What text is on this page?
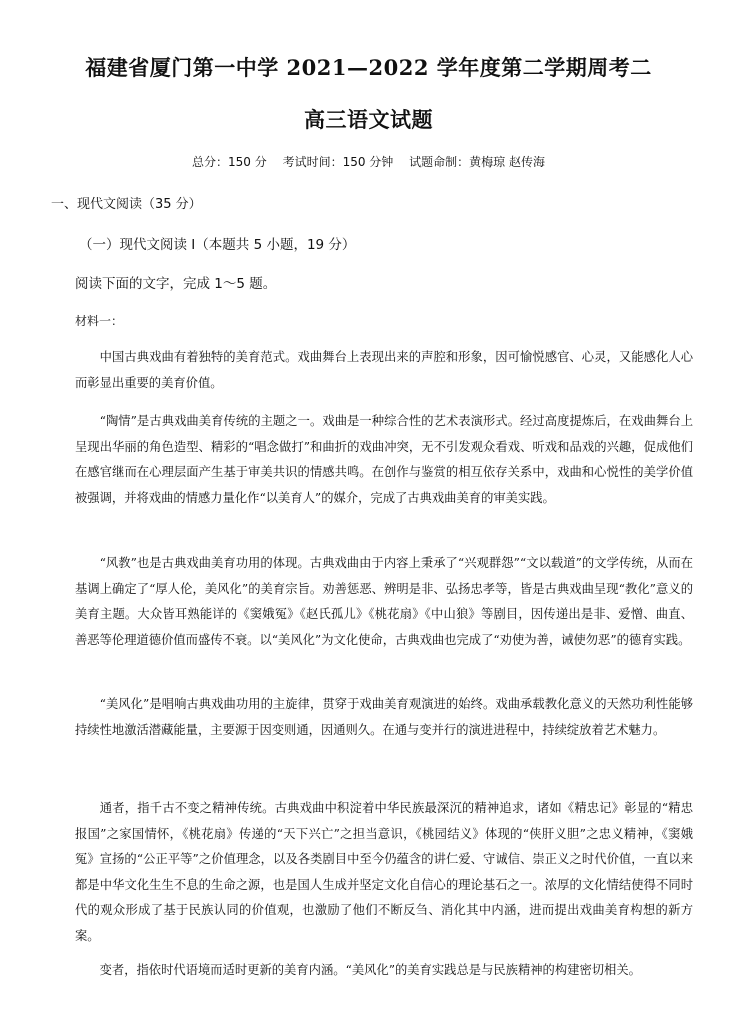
福建省厦门第一中学 2021—2022 学年度第二学期周考二
高三语文试题
总分：150 分 考试时间：150 分钟 试题命制：黄梅琼 赵传海
一、现代文阅读（35 分）
（一）现代文阅读 I（本题共 5 小题，19 分）
阅读下面的文字，完成 1～5 题。
材料一：
中国古典戏曲有着独特的美育范式。戏曲舞台上表现出来的声腔和形象，因可愉悦感官、心灵，又能感化人心而彰显出重要的美育价值。
“陶情”是古典戏曲美育传统的主题之一。戏曲是一种综合性的艺术表演形式。经过高度提炼后，在戏曲舞台上呈现出华丽的角色造型、精彩的“唱念做打”和曲折的戏曲冲突，无不引发观众看戏、听戏和品戏的兴趣，促成他们在感官继而在心理层面产生基于审美共识的情感共鸣。在创作与鉴赏的相互依存关系中，戏曲和心悦性的美学价值被强调，并将戏曲的情感力量化作“以美育人”的媒介，完成了古典戏曲美育的审美实践。
“风教”也是古典戏曲美育功用的体现。古典戏曲由于内容上秉承了“兴观群怨”“文以载道”的文学传统，从而在基调上确定了“厚人伦，美风化”的美育宗旨。劝善惩恶、辨明是非、弘扬忠孝等，皆是古典戏曲呈现“教化”意义的美育主题。大众皆耳熟能详的《窦娥冤》《赵氏孤儿》《桃花扇》《中山狼》等剧目，因传递出是非、爱憎、曲直、善恶等伦理道德价值而盛传不衰。以“美风化”为文化使命，古典戏曲也完成了“劝使为善，诫使勿恶”的德育实践。
“美风化”是唱响古典戏曲功用的主旋律，贯穿于戏曲美育观演进的始终。戏曲承载教化意义的天然功利性能够持续性地激活潜藏能量，主要源于因变则通，因通则久。在通与变并行的演进进程中，持续绽放着艺术魅力。
通者，指千古不变之精神传统。古典戏曲中积淀着中华民族最深沉的精神追求，诸如《精忠记》彰显的“精忠报国”之家国情怀，《桃花扇》传递的“天下兴亡”之担当意识，《桃园结义》体现的“侠肝义胆”之忠义精神，《窦娥冤》宣扬的“公正平等”之价值理念，以及各类剧目中至今仍蕴含的讲仁爱、守诚信、崇正义之时代价值，一直以来都是中华文化生生不息的生命之源，也是国人生成并坚定文化自信心的理论基石之一。浓厚的文化情结使得不同时代的观众形成了基于民族认同的价值观，也激励了他们不断反刍、消化其中内涵，进而提出戏曲美育构想的新方案。
变者，指依时代语境而适时更新的美育内涵。“美风化”的美育实践总是与民族精神的构建密切相关。
